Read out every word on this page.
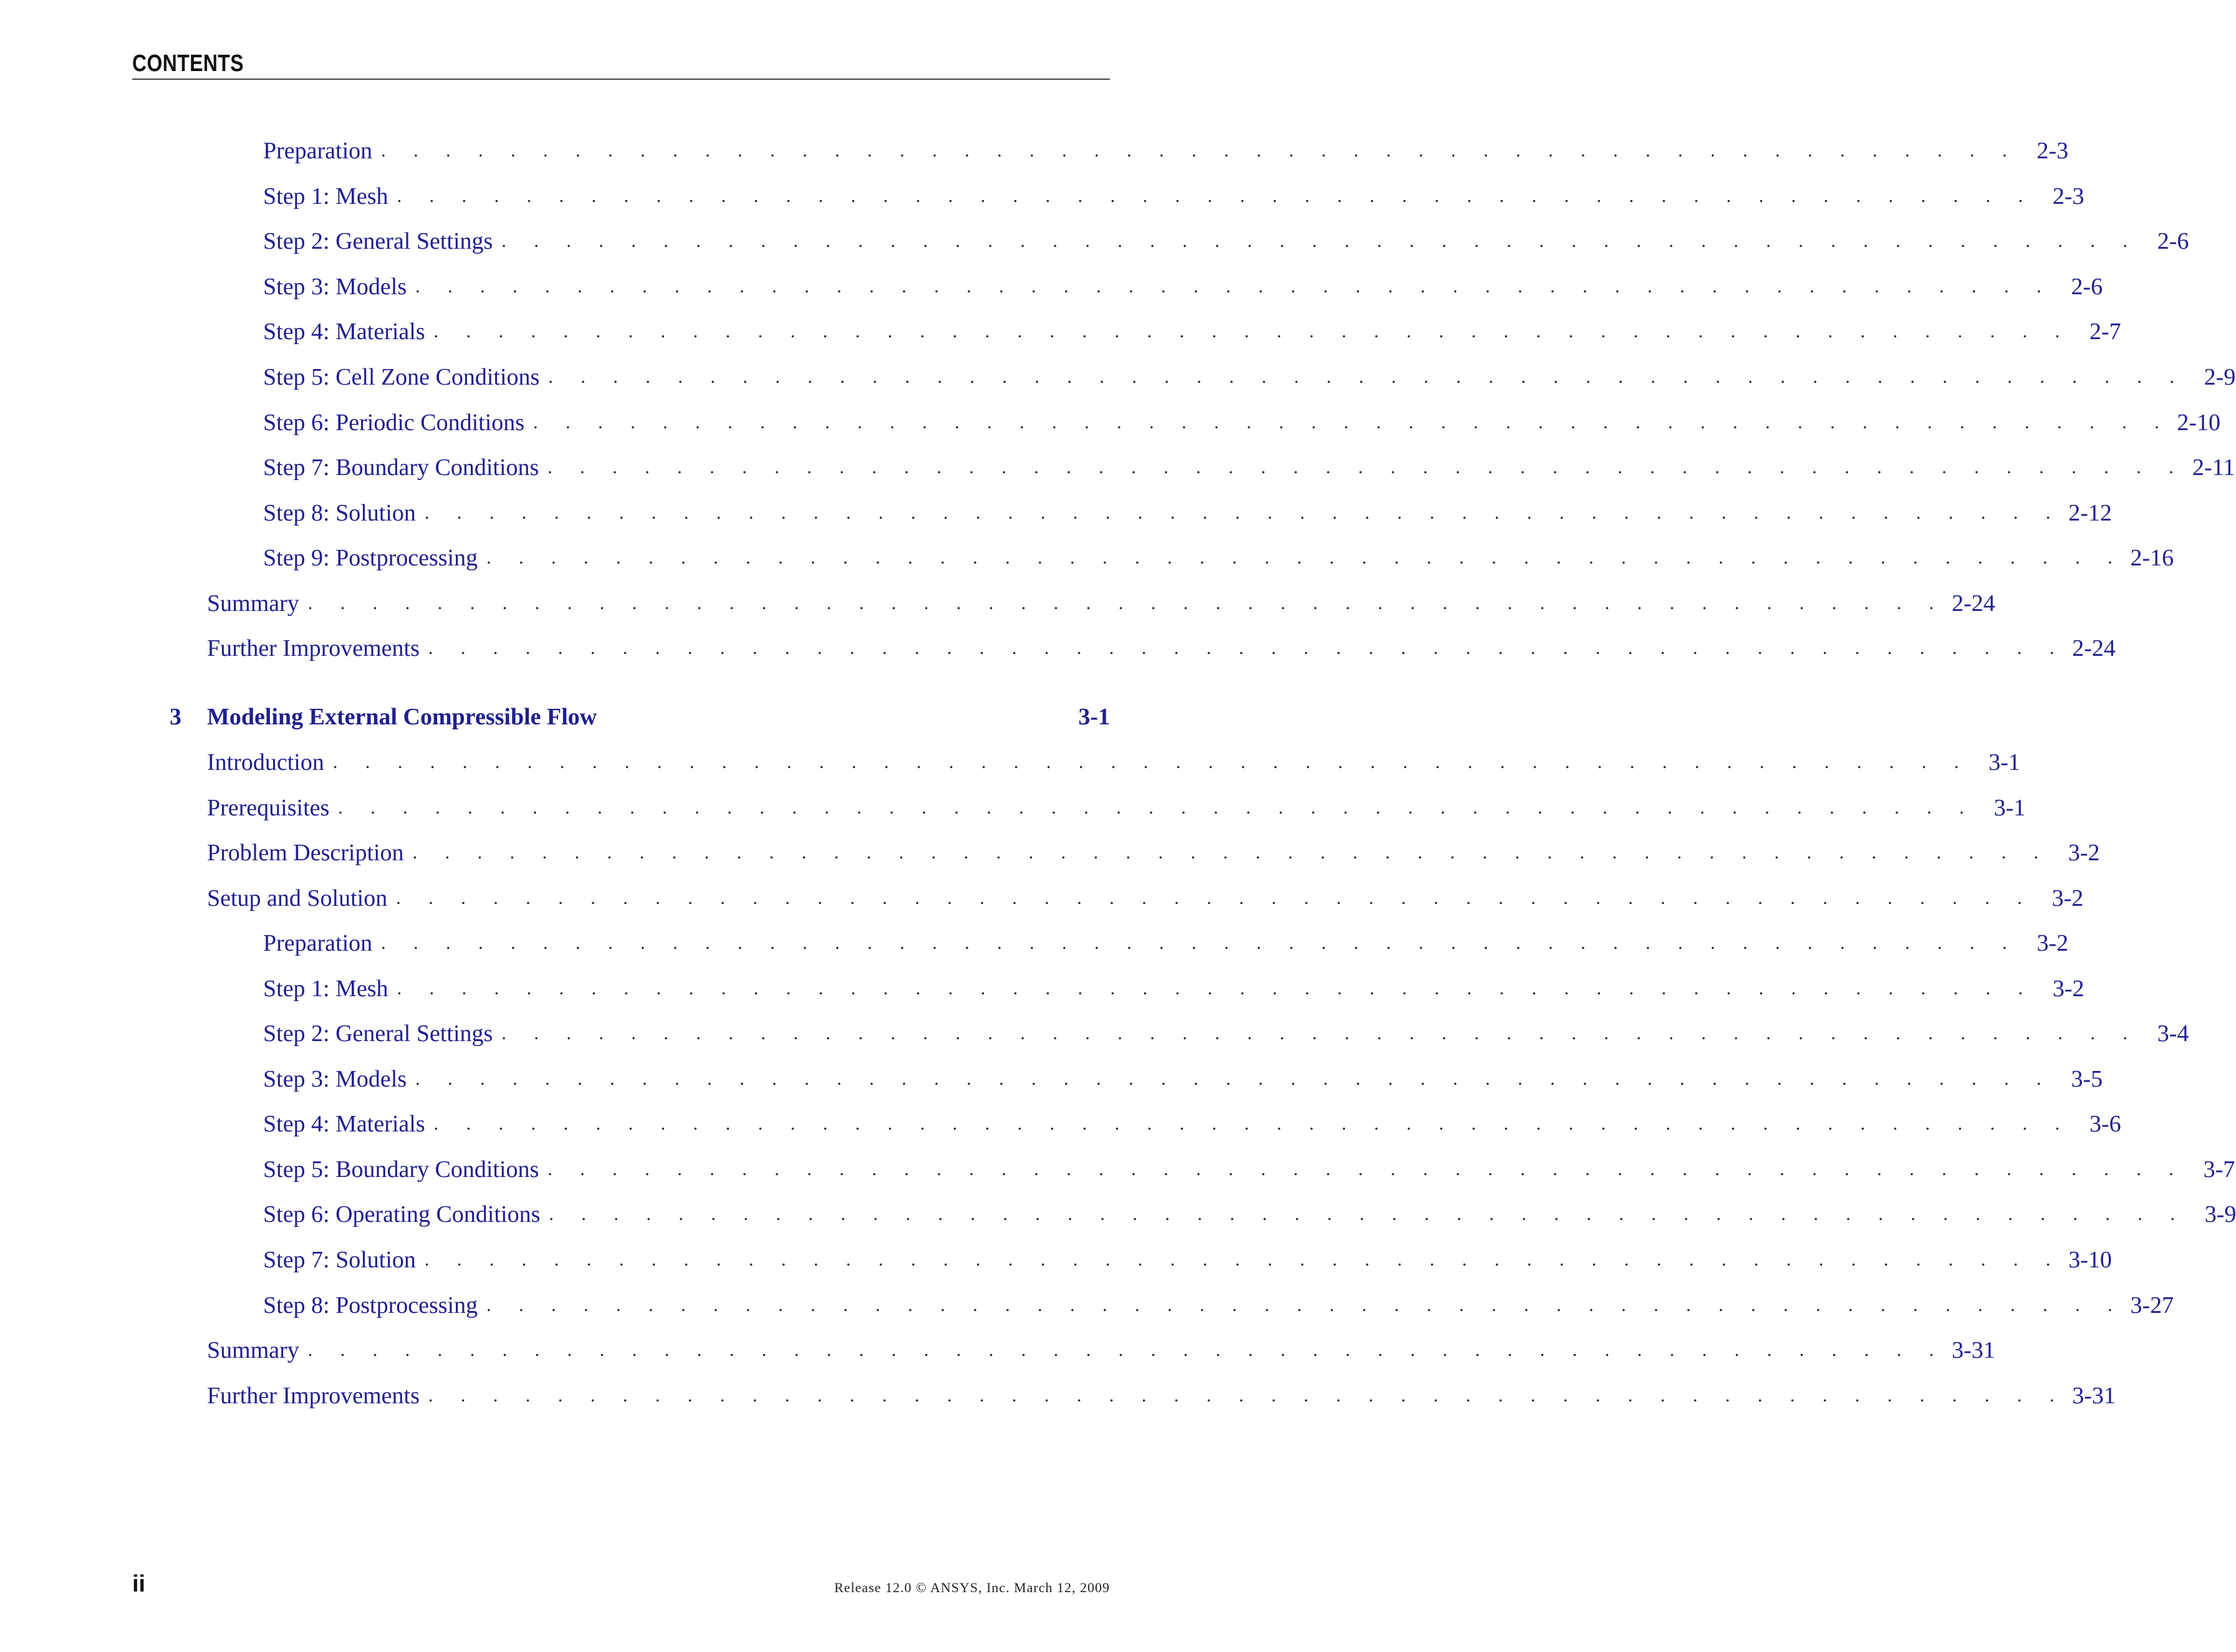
CONTENTS
Preparation . . . . . . . . . . . . . . . . . . . . . . . . . . . . . . . . . . . . . . . . . . . . . . . . . . . 2-3
Step 1: Mesh . . . . . . . . . . . . . . . . . . . . . . . . . . . . . . . . . . . . . . . . . . . . . . . . . . . 2-3
Step 2: General Settings . . . . . . . . . . . . . . . . . . . . . . . . . . . . . . . . . . . . . . . . . . . . . . . . . . . 2-6
Step 3: Models . . . . . . . . . . . . . . . . . . . . . . . . . . . . . . . . . . . . . . . . . . . . . . . . . . . 2-6
Step 4: Materials . . . . . . . . . . . . . . . . . . . . . . . . . . . . . . . . . . . . . . . . . . . . . . . . . . . 2-7
Step 5: Cell Zone Conditions . . . . . . . . . . . . . . . . . . . . . . . . . . . . . . . . . . . . . . . . . . . . . . . . . . . 2-9
Step 6: Periodic Conditions . . . . . . . . . . . . . . . . . . . . . . . . . . . . . . . . . . . . . . . . . . . . . . . . . . . 2-10
Step 7: Boundary Conditions . . . . . . . . . . . . . . . . . . . . . . . . . . . . . . . . . . . . . . . . . . . . . . . . . . . 2-11
Step 8: Solution . . . . . . . . . . . . . . . . . . . . . . . . . . . . . . . . . . . . . . . . . . . . . . . . . . . 2-12
Step 9: Postprocessing . . . . . . . . . . . . . . . . . . . . . . . . . . . . . . . . . . . . . . . . . . . . . . . . . . . 2-16
Summary . . . . . . . . . . . . . . . . . . . . . . . . . . . . . . . . . . . . . . . . . . . . . . . . . . . 2-24
Further Improvements . . . . . . . . . . . . . . . . . . . . . . . . . . . . . . . . . . . . . . . . . . . . . . . . . . . 2-24
3 Modeling External Compressible Flow	3-1
Introduction . . . . . . . . . . . . . . . . . . . . . . . . . . . . . . . . . . . . . . . . . . . . . . . . . . . 3-1
Prerequisites . . . . . . . . . . . . . . . . . . . . . . . . . . . . . . . . . . . . . . . . . . . . . . . . . . . 3-1
Problem Description . . . . . . . . . . . . . . . . . . . . . . . . . . . . . . . . . . . . . . . . . . . . . . . . . . . 3-2
Setup and Solution . . . . . . . . . . . . . . . . . . . . . . . . . . . . . . . . . . . . . . . . . . . . . . . . . . . 3-2
Preparation . . . . . . . . . . . . . . . . . . . . . . . . . . . . . . . . . . . . . . . . . . . . . . . . . . . 3-2
Step 1: Mesh . . . . . . . . . . . . . . . . . . . . . . . . . . . . . . . . . . . . . . . . . . . . . . . . . . . 3-2
Step 2: General Settings . . . . . . . . . . . . . . . . . . . . . . . . . . . . . . . . . . . . . . . . . . . . . . . . . . . 3-4
Step 3: Models . . . . . . . . . . . . . . . . . . . . . . . . . . . . . . . . . . . . . . . . . . . . . . . . . . . 3-5
Step 4: Materials . . . . . . . . . . . . . . . . . . . . . . . . . . . . . . . . . . . . . . . . . . . . . . . . . . . 3-6
Step 5: Boundary Conditions . . . . . . . . . . . . . . . . . . . . . . . . . . . . . . . . . . . . . . . . . . . . . . . . . . . 3-7
Step 6: Operating Conditions . . . . . . . . . . . . . . . . . . . . . . . . . . . . . . . . . . . . . . . . . . . . . . . . . . . 3-9
Step 7: Solution . . . . . . . . . . . . . . . . . . . . . . . . . . . . . . . . . . . . . . . . . . . . . . . . . . . 3-10
Step 8: Postprocessing . . . . . . . . . . . . . . . . . . . . . . . . . . . . . . . . . . . . . . . . . . . . . . . . . . . 3-27
Summary . . . . . . . . . . . . . . . . . . . . . . . . . . . . . . . . . . . . . . . . . . . . . . . . . . . 3-31
Further Improvements . . . . . . . . . . . . . . . . . . . . . . . . . . . . . . . . . . . . . . . . . . . . . . . . . . . 3-31
ii	Release 12.0 © ANSYS, Inc. March 12, 2009
